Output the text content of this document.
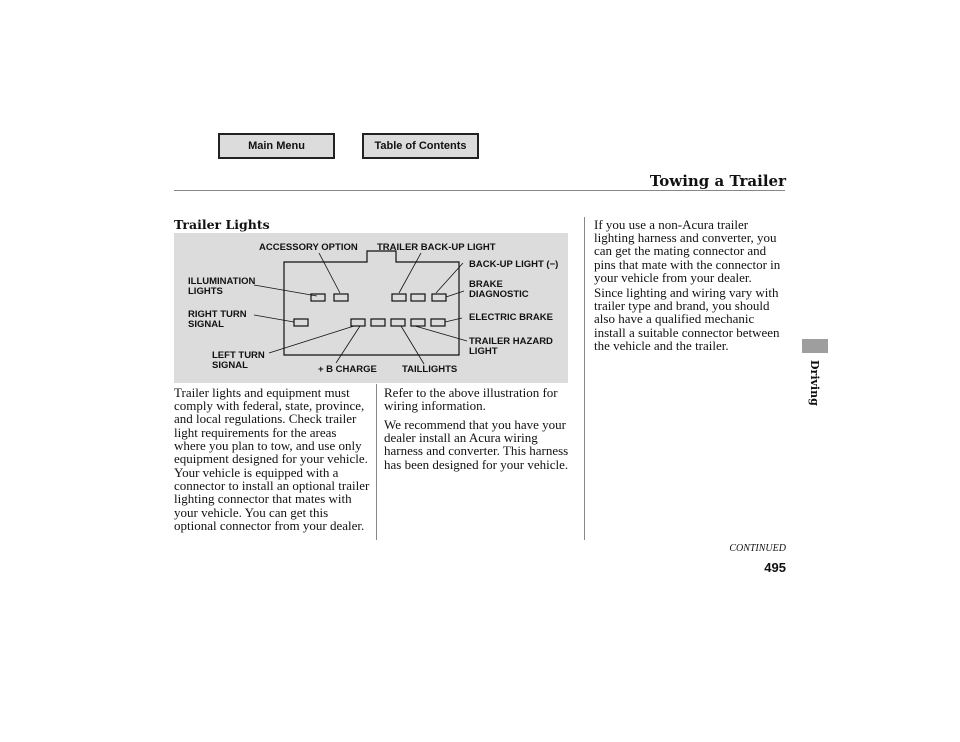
Main Menu	Table of Contents
Towing a Trailer
Driving
Trailer Lights
ACCESSORY OPTION TRAILER BACK-UP LIGHT
BACK-UP LIGHT (−)
ILLUMINATION
LIGHTS
BRAKE
DIAGNOSTIC
RIGHT TURN
SIGNAL
ELECTRIC BRAKE
TRAILER HAZARD
LIGHT
LEFT TURN
SIGNAL	+ B CHARGE	TAILLIGHTS

Trailer lights and equipment must comply with federal, state, province, and local regulations. Check trailer light requirements for the areas where you plan to tow, and use only equipment designed for your vehicle.

Your vehicle is equipped with a connector to install an optional trailer lighting connector that mates with your vehicle. You can get this optional connector from your dealer.

Refer to the above illustration for wiring information.

We recommend that you have your dealer install an Acura wiring harness and converter. This harness has been designed for your vehicle.

If you use a non-Acura trailer lighting harness and converter, you can get the mating connector and pins that mate with the connector in your vehicle from your dealer.

Since lighting and wiring vary with trailer type and brand, you should also have a qualified mechanic install a suitable connector between the vehicle and the trailer.

CONTINUED
495
